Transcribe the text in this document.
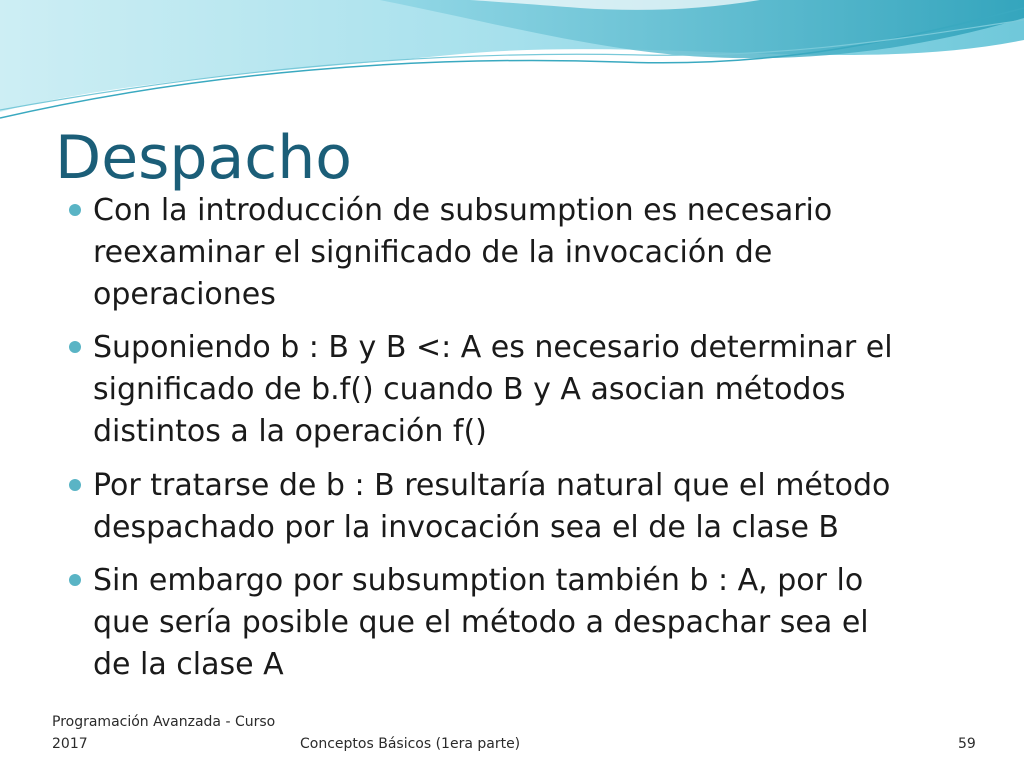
Despacho
Con la introducción de subsumption es necesario
reexaminar el significado de la invocación de
operaciones
Suponiendo b : B y B <: A es necesario determinar el
significado de b.f() cuando B y A asocian métodos
distintos a la operación f()
Por tratarse de b : B resultaría natural que el método
despachado por la invocación sea el de la clase B
Sin embargo por subsumption también b : A, por lo
que sería posible que el método a despachar sea el
de la clase A
Programación Avanzada - Curso 2017	Conceptos Básicos (1era parte)	59
